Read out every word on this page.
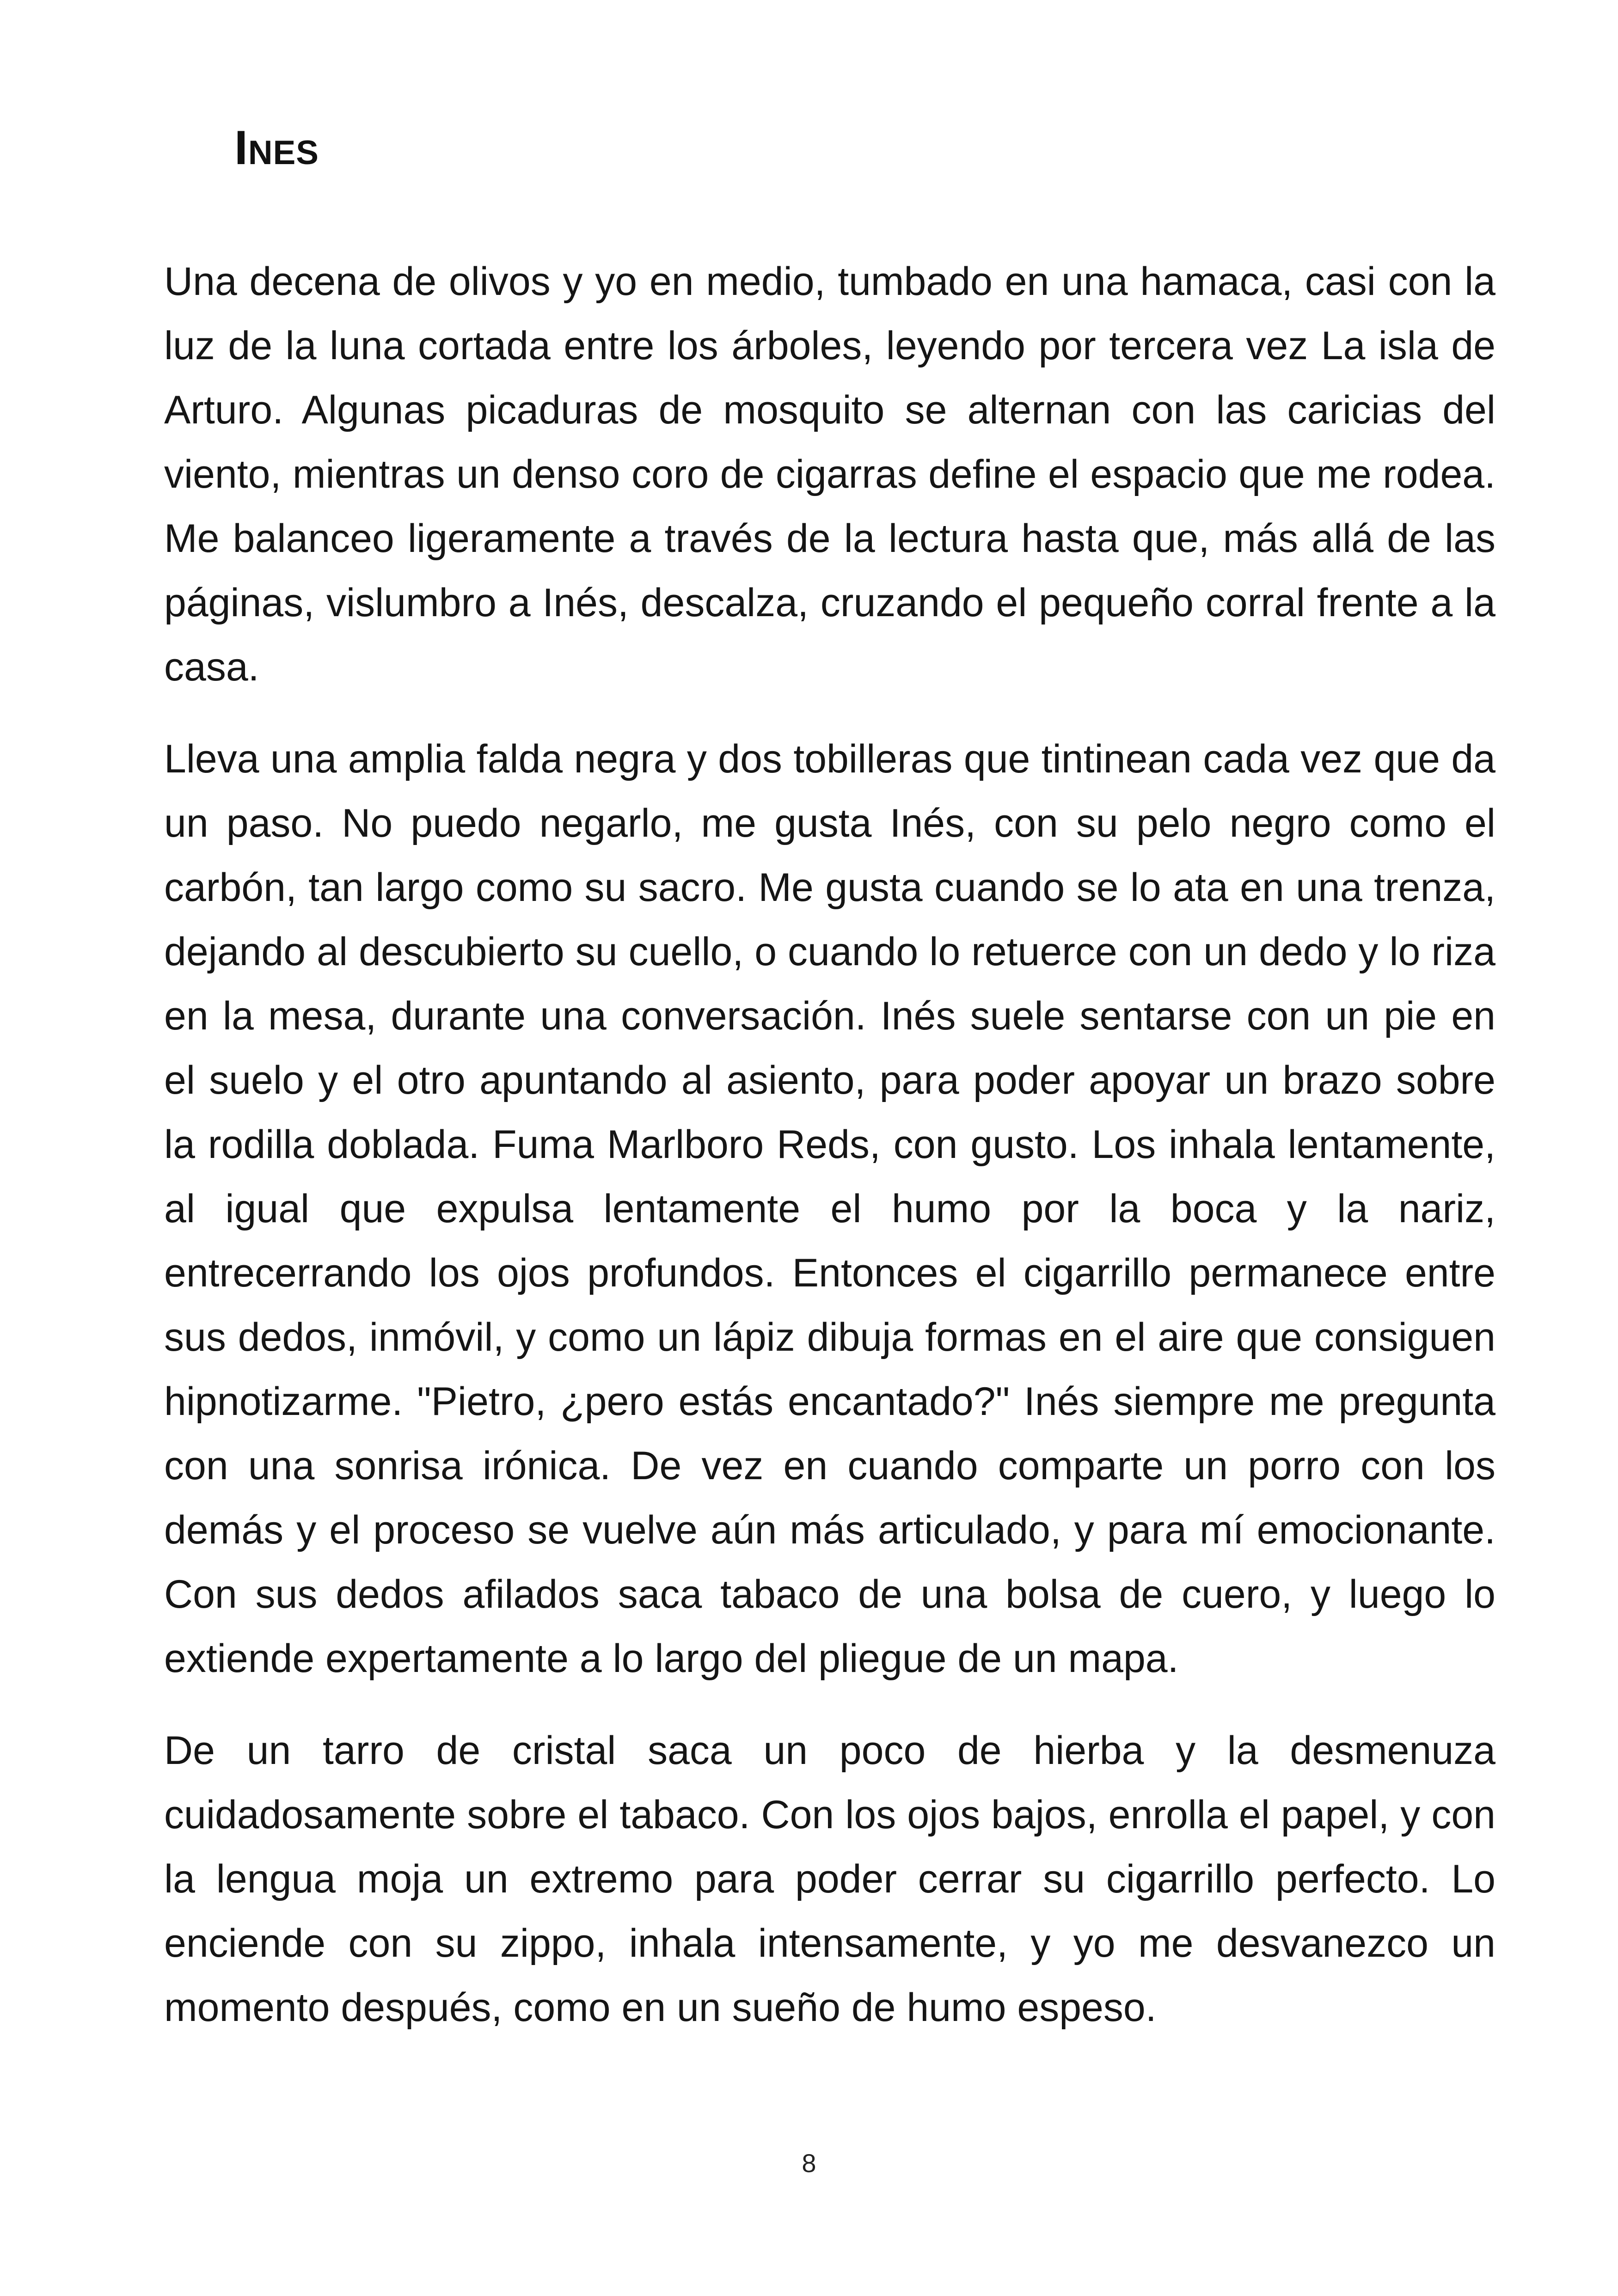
Ines

Una decena de olivos y yo en medio, tumbado en una hamaca, casi con la luz de la luna cortada entre los árboles, leyendo por tercera vez La isla de Arturo. Algunas picaduras de mosquito se alternan con las caricias del viento, mientras un denso coro de cigarras define el espacio que me rodea. Me balanceo ligeramente a través de la lectura hasta que, más allá de las páginas, vislumbro a Inés, descalza, cruzando el pequeño corral frente a la casa.

Lleva una amplia falda negra y dos tobilleras que tintinean cada vez que da un paso. No puedo negarlo, me gusta Inés, con su pelo negro como el carbón, tan largo como su sacro. Me gusta cuando se lo ata en una trenza, dejando al descubierto su cuello, o cuando lo retuerce con un dedo y lo riza en la mesa, durante una conversación. Inés suele sentarse con un pie en el suelo y el otro apuntando al asiento, para poder apoyar un brazo sobre la rodilla doblada. Fuma Marlboro Reds, con gusto. Los inhala lentamente, al igual que expulsa lentamente el humo por la boca y la nariz, entrecerrando los ojos profundos. Entonces el cigarrillo permanece entre sus dedos, inmóvil, y como un lápiz dibuja formas en el aire que consiguen hipnotizarme. "Pietro, ¿pero estás encantado?" Inés siempre me pregunta con una sonrisa irónica. De vez en cuando comparte un porro con los demás y el proceso se vuelve aún más articulado, y para mí emocionante. Con sus dedos afilados saca tabaco de una bolsa de cuero, y luego lo extiende expertamente a lo largo del pliegue de un mapa.

De un tarro de cristal saca un poco de hierba y la desmenuza cuidadosamente sobre el tabaco. Con los ojos bajos, enrolla el papel, y con la lengua moja un extremo para poder cerrar su cigarrillo perfecto. Lo enciende con su zippo, inhala intensamente, y yo me desvanezco un momento después, como en un sueño de humo espeso.

8
